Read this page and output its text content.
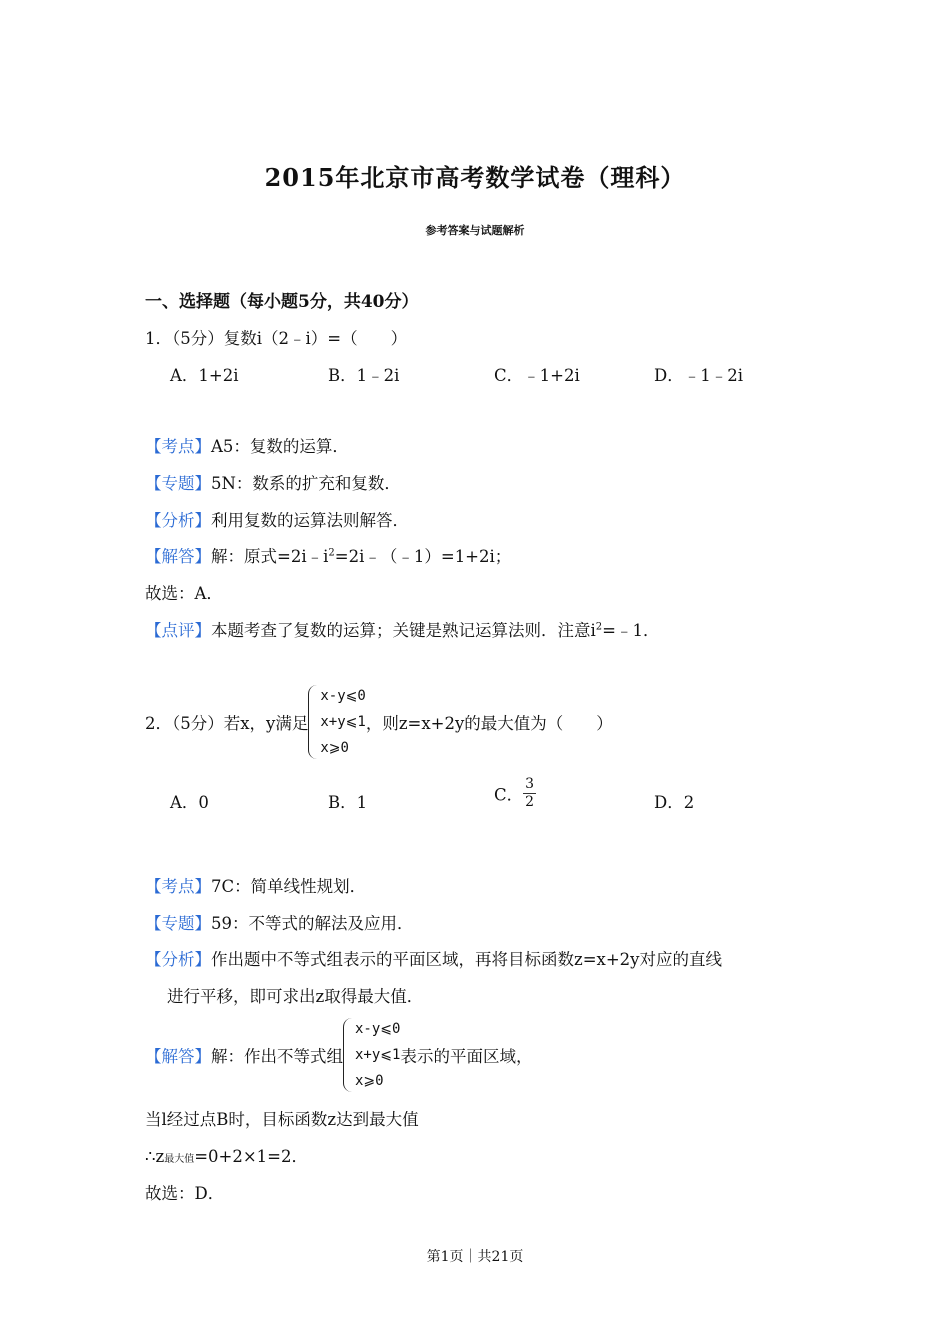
2015年北京市高考数学试卷（理科）
参考答案与试题解析
一、选择题（每小题5分，共40分）
1．（5分）复数i（2﹣i）=（　　）
A．1+2i	B．1﹣2i	C．﹣1+2i	D．﹣1﹣2i
【考点】A5：复数的运算．
【专题】5N：数系的扩充和复数．
【分析】利用复数的运算法则解答．
【解答】解：原式$=2i﹣i^2=2i﹣(﹣1)=1+2i$；
故选：A．
【点评】本题考查了复数的运算；关键是熟记运算法则．注意$i^2=﹣1$．
2．（5分）若x，y满足
x-y⩽0
x+y⩽1
x⩾0
，则z=x+2y的最大值为（　　）
A．0	B．1	C． $\frac{3}{2}$	D．2
【考点】7C：简单线性规划．
【专题】59：不等式的解法及应用．
【分析】作出题中不等式组表示的平面区域，再将目标函数z=x+2y对应的直线
进行平移，即可求出z取得最大值．
【解答】解：作出不等式组
x-y⩽0
x+y⩽1
x⩾0
表示的平面区域，
当l经过点B时，目标函数z达到最大值
∴z最大值=0+2×1=2．
故选：D．
第1页｜共21页
